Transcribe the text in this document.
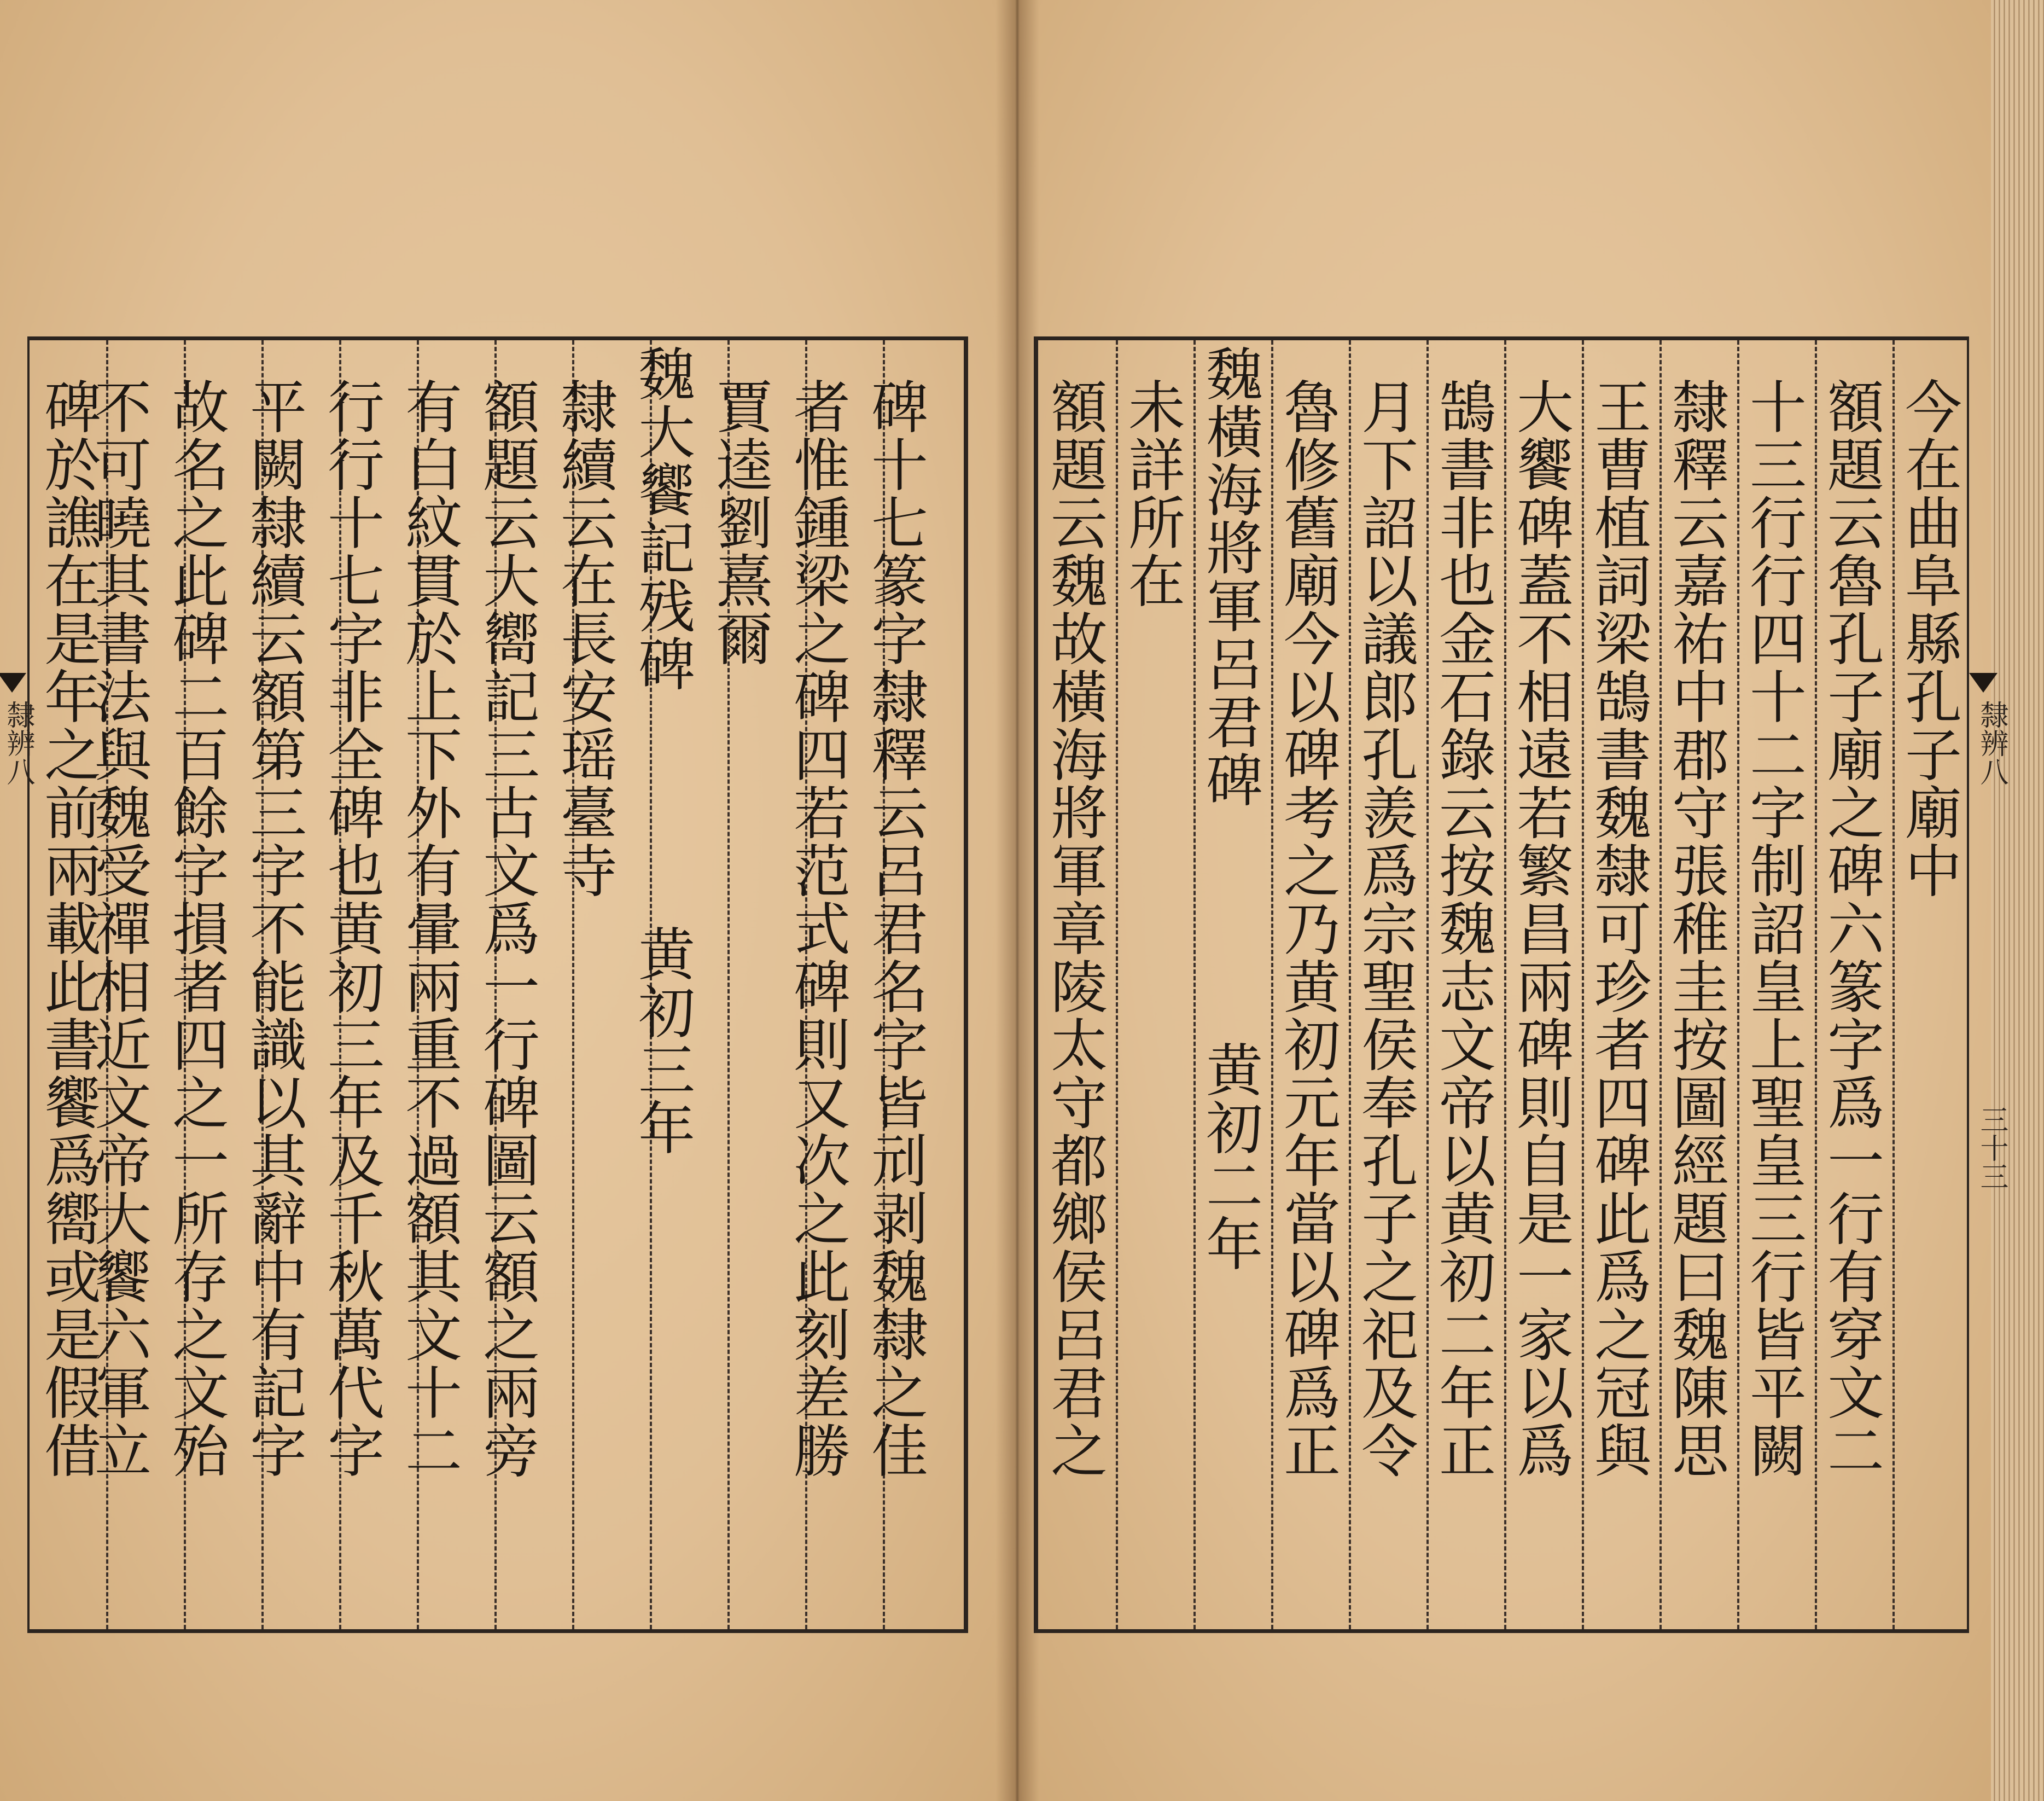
碑十七篆字隸釋云呂君名字皆刓剥魏隸之佳
者惟鍾梁之碑四若范式碑則又次之此刻差勝
賈逵劉熹爾
魏大饗記残碑　　　　黄初三年
隸續云在長安瑶臺寺
額題云大嚮記三古文爲一行碑圖云額之兩旁
有白紋貫於上下外有暈兩重不過額其文十二
行行十七字非全碑也黄初三年及千秋萬代字
平闕隸續云額第三字不能識以其辭中有記字
故名之此碑二百餘字損者四之一所存之文殆
不可曉其書法與魏受禪相近文帝大饗六軍立
碑於譙在是年之前兩載此書饗爲嚮或是假借
隸辨八	今在曲阜縣孔子廟中
額題云魯孔子廟之碑六篆字爲一行有穿文二
十三行行四十二字制詔皇上聖皇三行皆平闕
隸釋云嘉祐中郡守張稚圭按圖經題曰魏陳思
王曹植詞梁鵠書魏隸可珍者四碑此爲之冠與
大饗碑蓋不相遠若繁昌兩碑則自是一家以爲
鵠書非也金石錄云按魏志文帝以黄初二年正
月下詔以議郎孔羨爲宗聖侯奉孔子之祀及令
魯修舊廟今以碑考之乃黄初元年當以碑爲正
魏橫海將軍呂君碑　　　　黄初二年
未詳所在
額題云魏故橫海將軍章陵太守都鄉侯呂君之	隸辨八
三十三
